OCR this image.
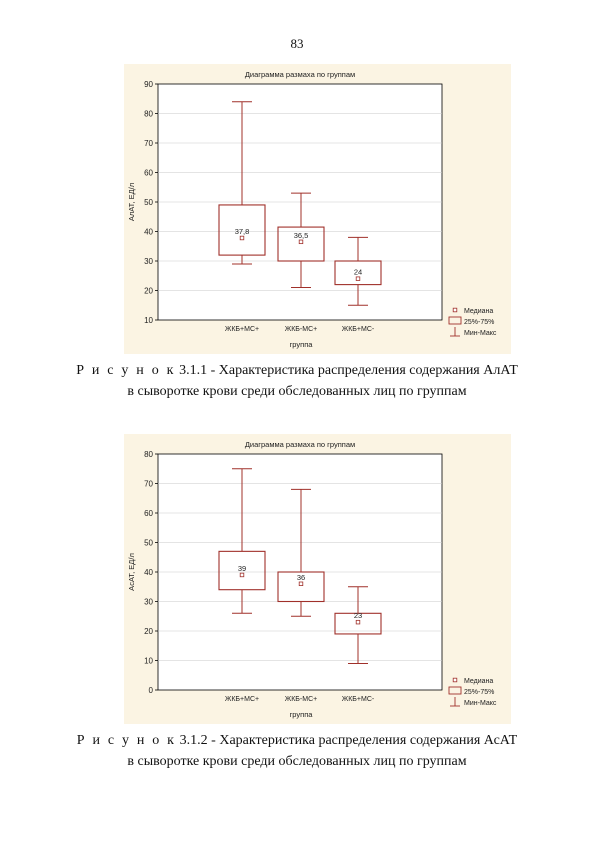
83
10
20
30
40
50
60
70
80
90
Диаграмма размаха по группам
АлАТ, ЕД/л
группа
37,8
ЖКБ+МС+
36,5
ЖКБ-МС+
24
ЖКБ+МС-
Медиана
25%-75%
Мин-Макс
Р и с у н о к 3.1.1 - Характеристика распределения содержания АлАТ
в сыворотке крови среди обследованных лиц по группам
0
10
20
30
40
50
60
70
80
Диаграмма размаха по группам
АсАТ, ЕД/л
группа
39
ЖКБ+МС+
36
ЖКБ-МС+
23
ЖКБ+МС-
Медиана
25%-75%
Мин-Макс
Р и с у н о к 3.1.2 - Характеристика распределения содержания АсАТ
в сыворотке крови среди обследованных лиц по группам
